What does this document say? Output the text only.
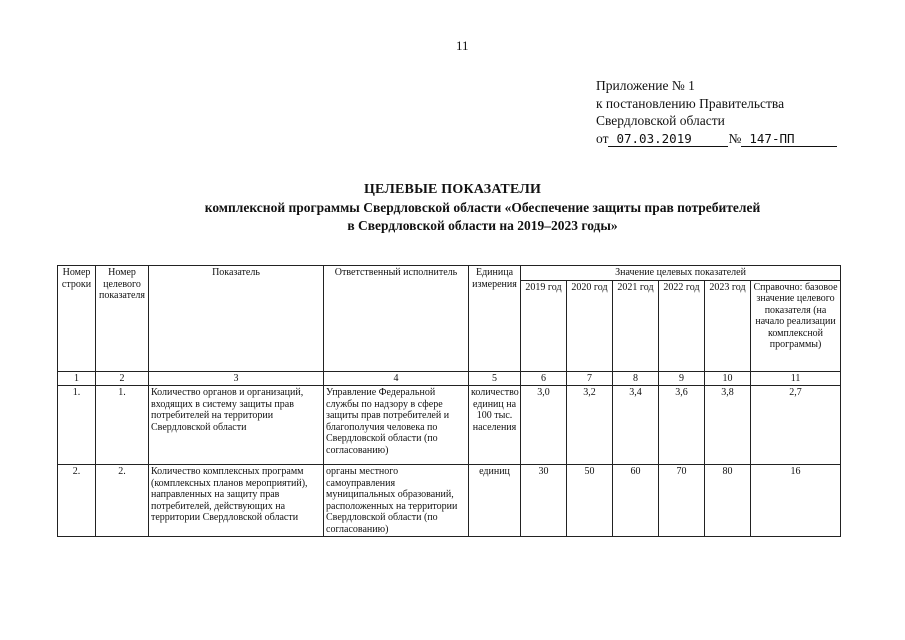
11
Приложение № 1
к постановлению Правительства
Свердловской области
от 07.03.2019	№ 147-ПП
ЦЕЛЕВЫЕ ПОКАЗАТЕЛИ
комплексной программы Свердловской области «Обеспечение защиты прав потребителей
в Свердловской области на 2019–2023 годы»
Номер строки	Номер целевого показателя	Показатель	Ответственный исполнитель	Единица измерения	Значение целевых показателей					
					2019 год	2020 год	2021 год	2022 год	2023 год	Справочно: базовое значение целевого показателя (на начало реализации комплексной программы)
1	2	3	4	5	6	7	8	9	10	11
1.	1.	Количество органов и организаций, входящих в систему защиты прав потребителей на территории Свердловской области	Управление Федеральной службы по надзору в сфере защиты прав потребителей и благополучия человека по Свердловской области (по согласованию)	количество единиц на 100 тыс. населения	3,0	3,2	3,4	3,6	3,8	2,7
2.	2.	Количество комплексных программ (комплексных планов мероприятий), направленных на защиту прав потребителей, действующих на территории Свердловской области	органы местного самоуправления муниципальных образований, расположенных на территории Свердловской области (по согласованию)	единиц	30	50	60	70	80	16
